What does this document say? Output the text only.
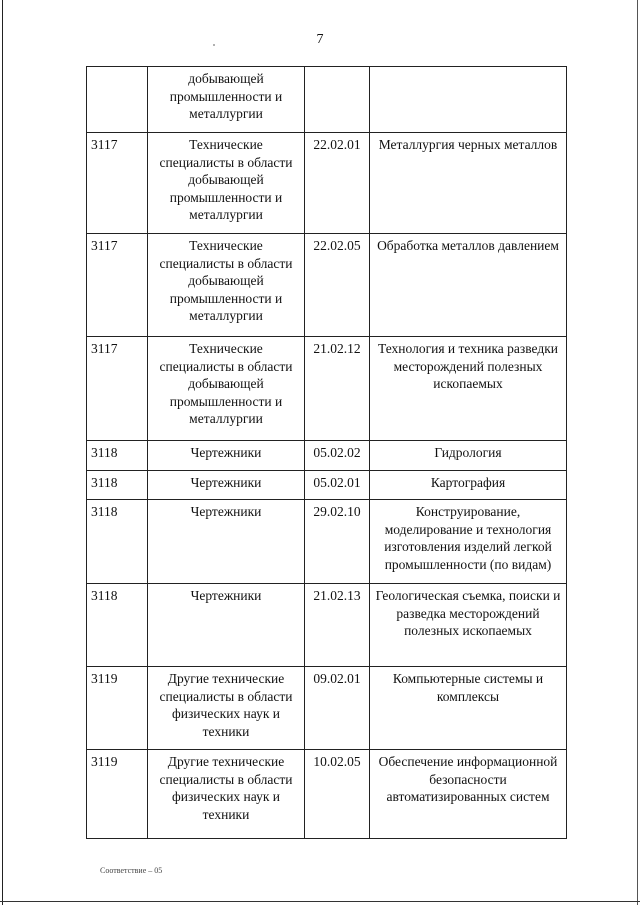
7
	добывающей промышленности и металлургии		
3117	Технические специалисты в области добывающей промышленности и металлургии	22.02.01	Металлургия черных металлов
3117	Технические специалисты в области добывающей промышленности и металлургии	22.02.05	Обработка металлов давлением
3117	Технические специалисты в области добывающей промышленности и металлургии	21.02.12	Технология и техника разведки месторождений полезных ископаемых
3118	Чертежники	05.02.02	Гидрология
3118	Чертежники	05.02.01	Картография
3118	Чертежники	29.02.10	Конструирование, моделирование и технология изготовления изделий легкой промышленности (по видам)
3118	Чертежники	21.02.13	Геологическая съемка, поиски и разведка месторождений полезных ископаемых
3119	Другие технические специалисты в области физических наук и техники	09.02.01	Компьютерные системы и комплексы
3119	Другие технические специалисты в области физических наук и техники	10.02.05	Обеспечение информационной безопасности автоматизированных систем
Соответствие – 05
